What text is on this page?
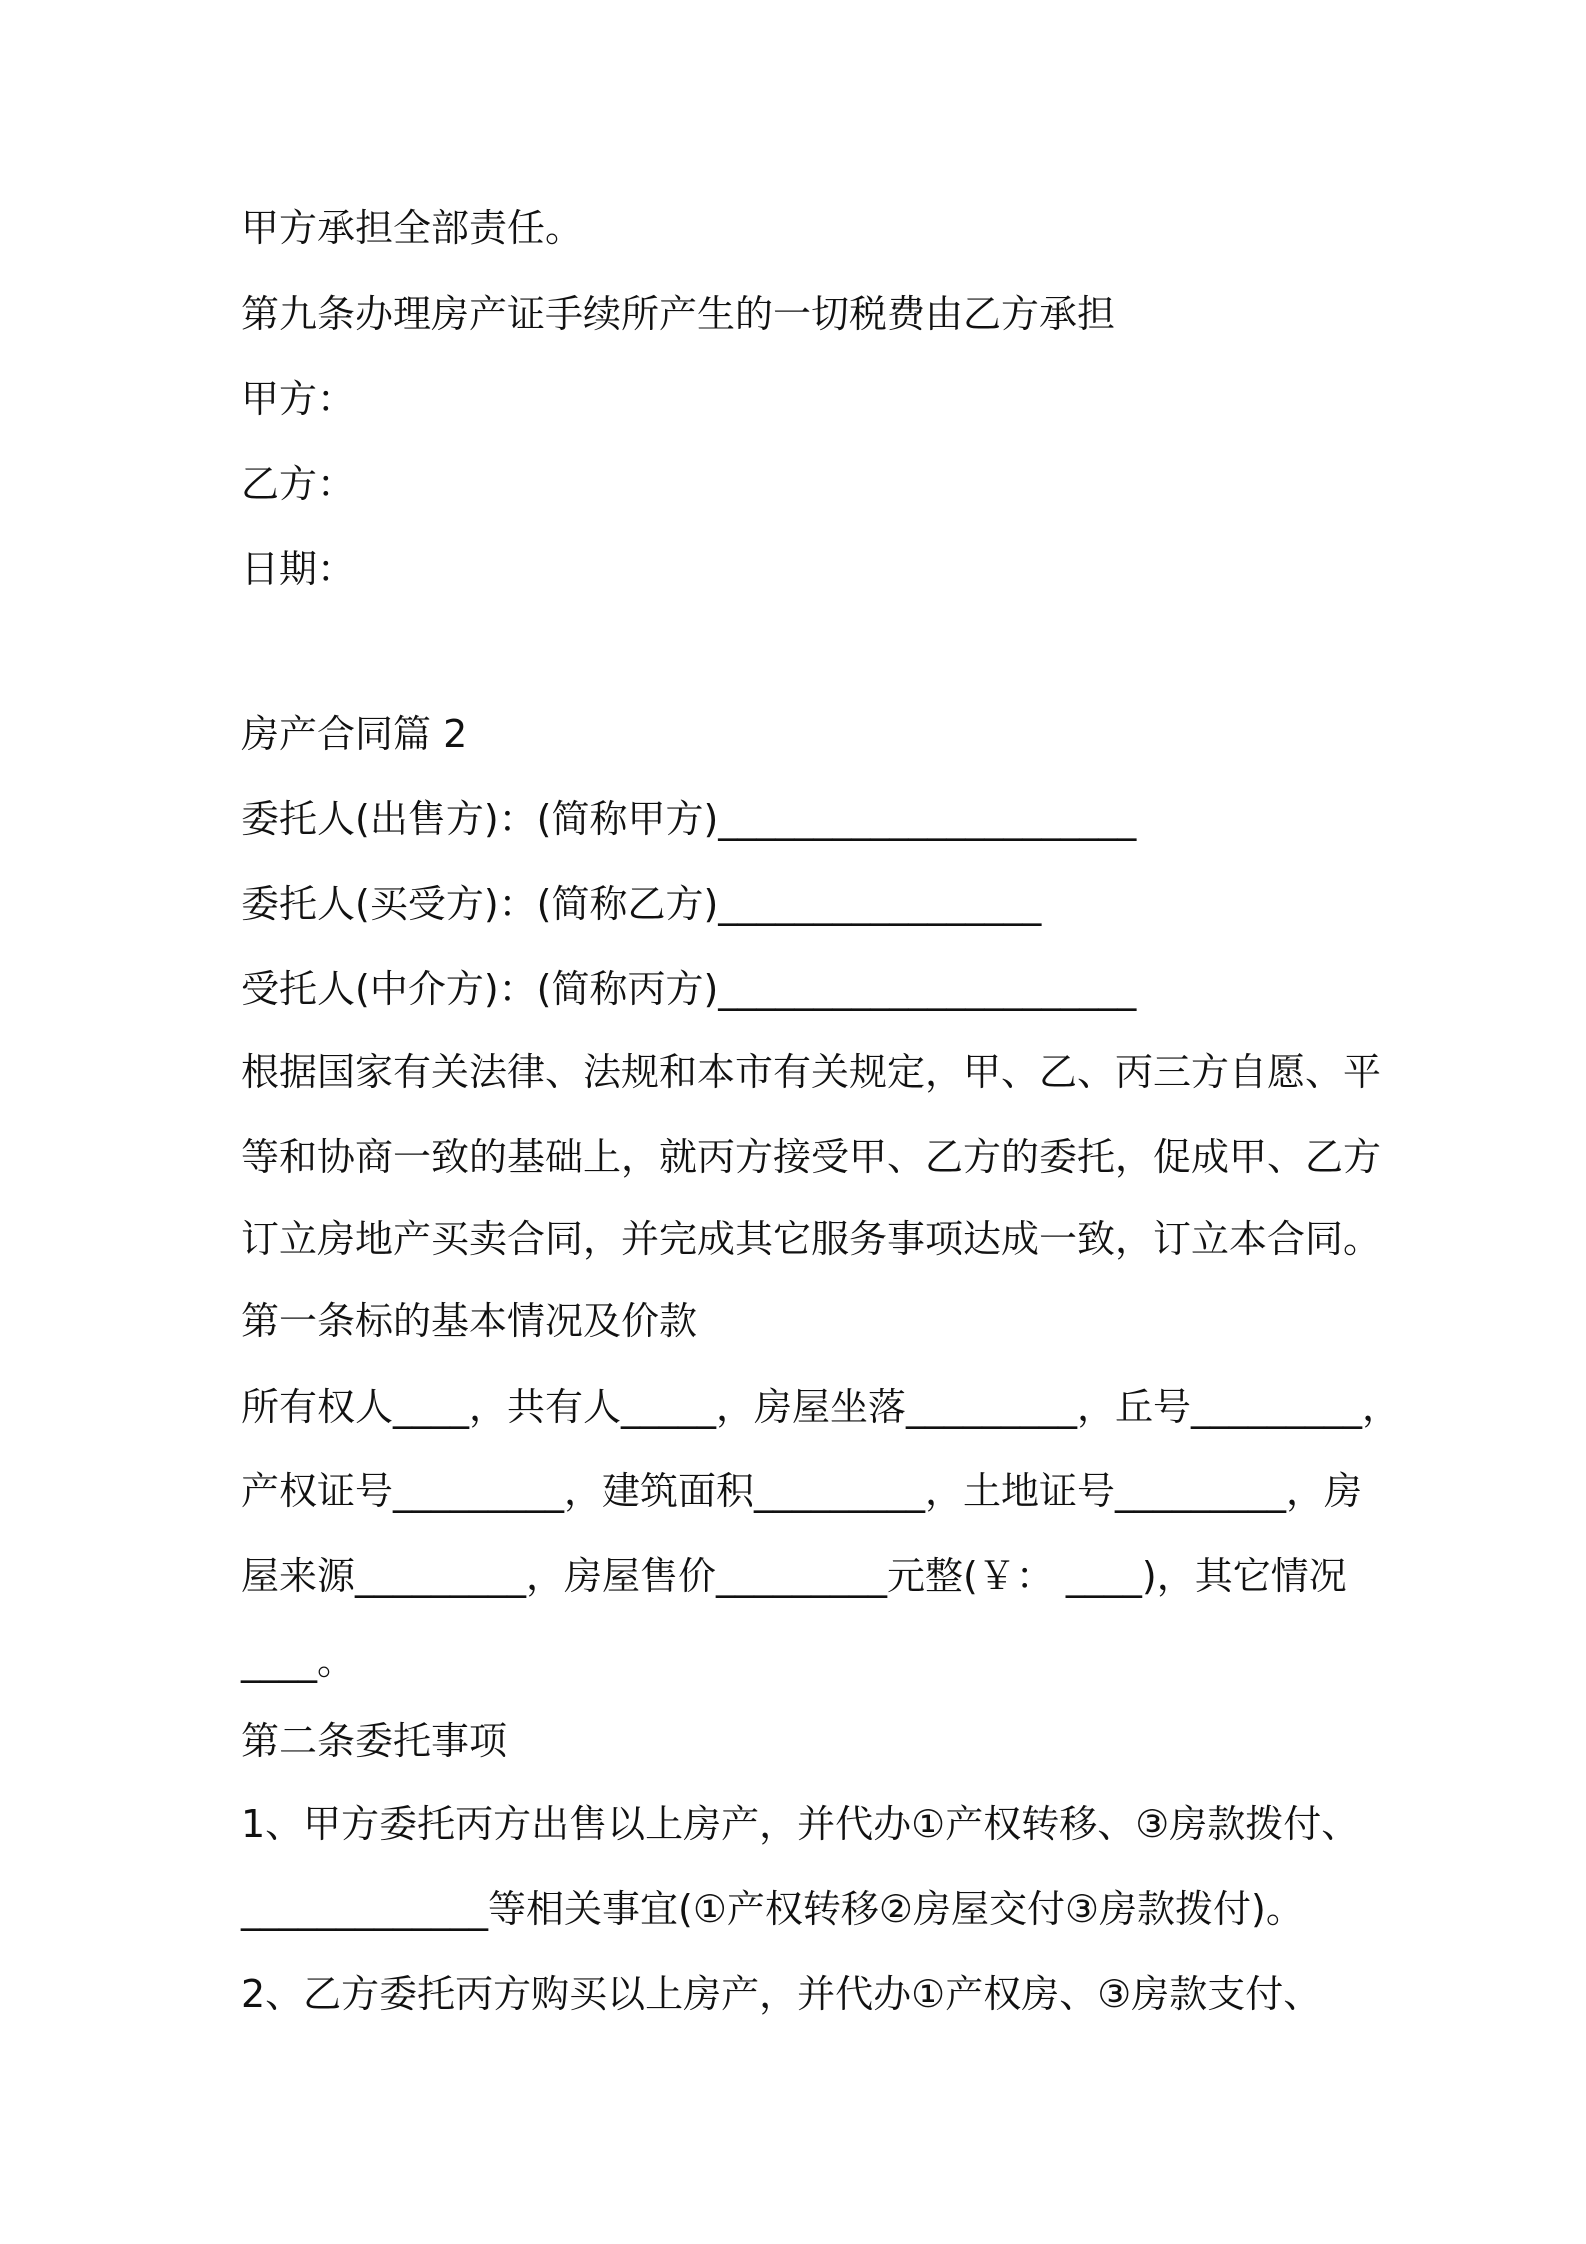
甲方承担全部责任。
第九条办理房产证手续所产生的一切税费由乙方承担
甲方：
乙方：
日期：
房产合同篇 2
委托人(出售方)：(简称甲方)______________________
委托人(买受方)：(简称乙方)_________________
受托人(中介方)：(简称丙方)______________________
根据国家有关法律、法规和本市有关规定，甲、乙、丙三方自愿、平
等和协商一致的基础上，就丙方接受甲、乙方的委托，促成甲、乙方
订立房地产买卖合同，并完成其它服务事项达成一致，订立本合同。
第一条标的基本情况及价款
所有权人____，共有人_____，房屋坐落_________，丘号_________，
产权证号_________，建筑面积_________，土地证号_________，房
屋来源_________，房屋售价_________元整(￥： ____)，其它情况
____。
第二条委托事项
1、甲方委托丙方出售以上房产，并代办①产权转移、③房款拨付、
_____________等相关事宜(①产权转移②房屋交付③房款拨付)。
2、乙方委托丙方购买以上房产，并代办①产权房、③房款支付、
